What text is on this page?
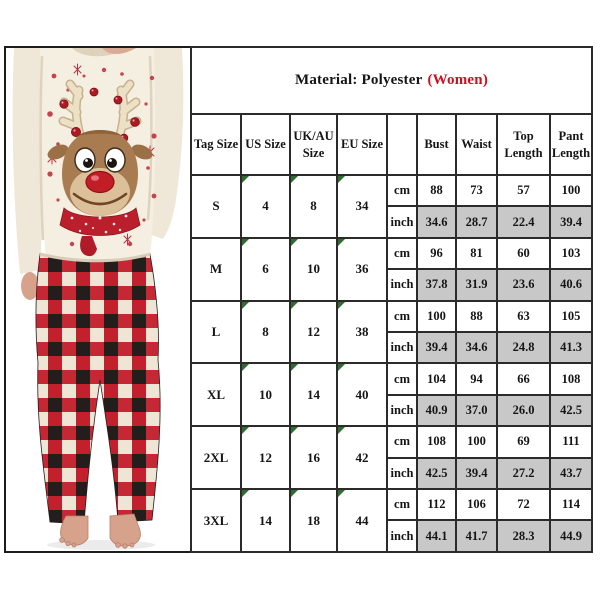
Material: Polyester (Women)								
Tag Size	US Size	UK/AU Size	EU Size		Bust	Waist	Top Length	Pant Length
S	4	8	34	cm	88	73	57	100
				inch	34.6	28.7	22.4	39.4
M	6	10	36	cm	96	81	60	103
				inch	37.8	31.9	23.6	40.6
L	8	12	38	cm	100	88	63	105
				inch	39.4	34.6	24.8	41.3
XL	10	14	40	cm	104	94	66	108
				inch	40.9	37.0	26.0	42.5
2XL	12	16	42	cm	108	100	69	111
				inch	42.5	39.4	27.2	43.7
3XL	14	18	44	cm	112	106	72	114
				inch	44.1	41.7	28.3	44.9
